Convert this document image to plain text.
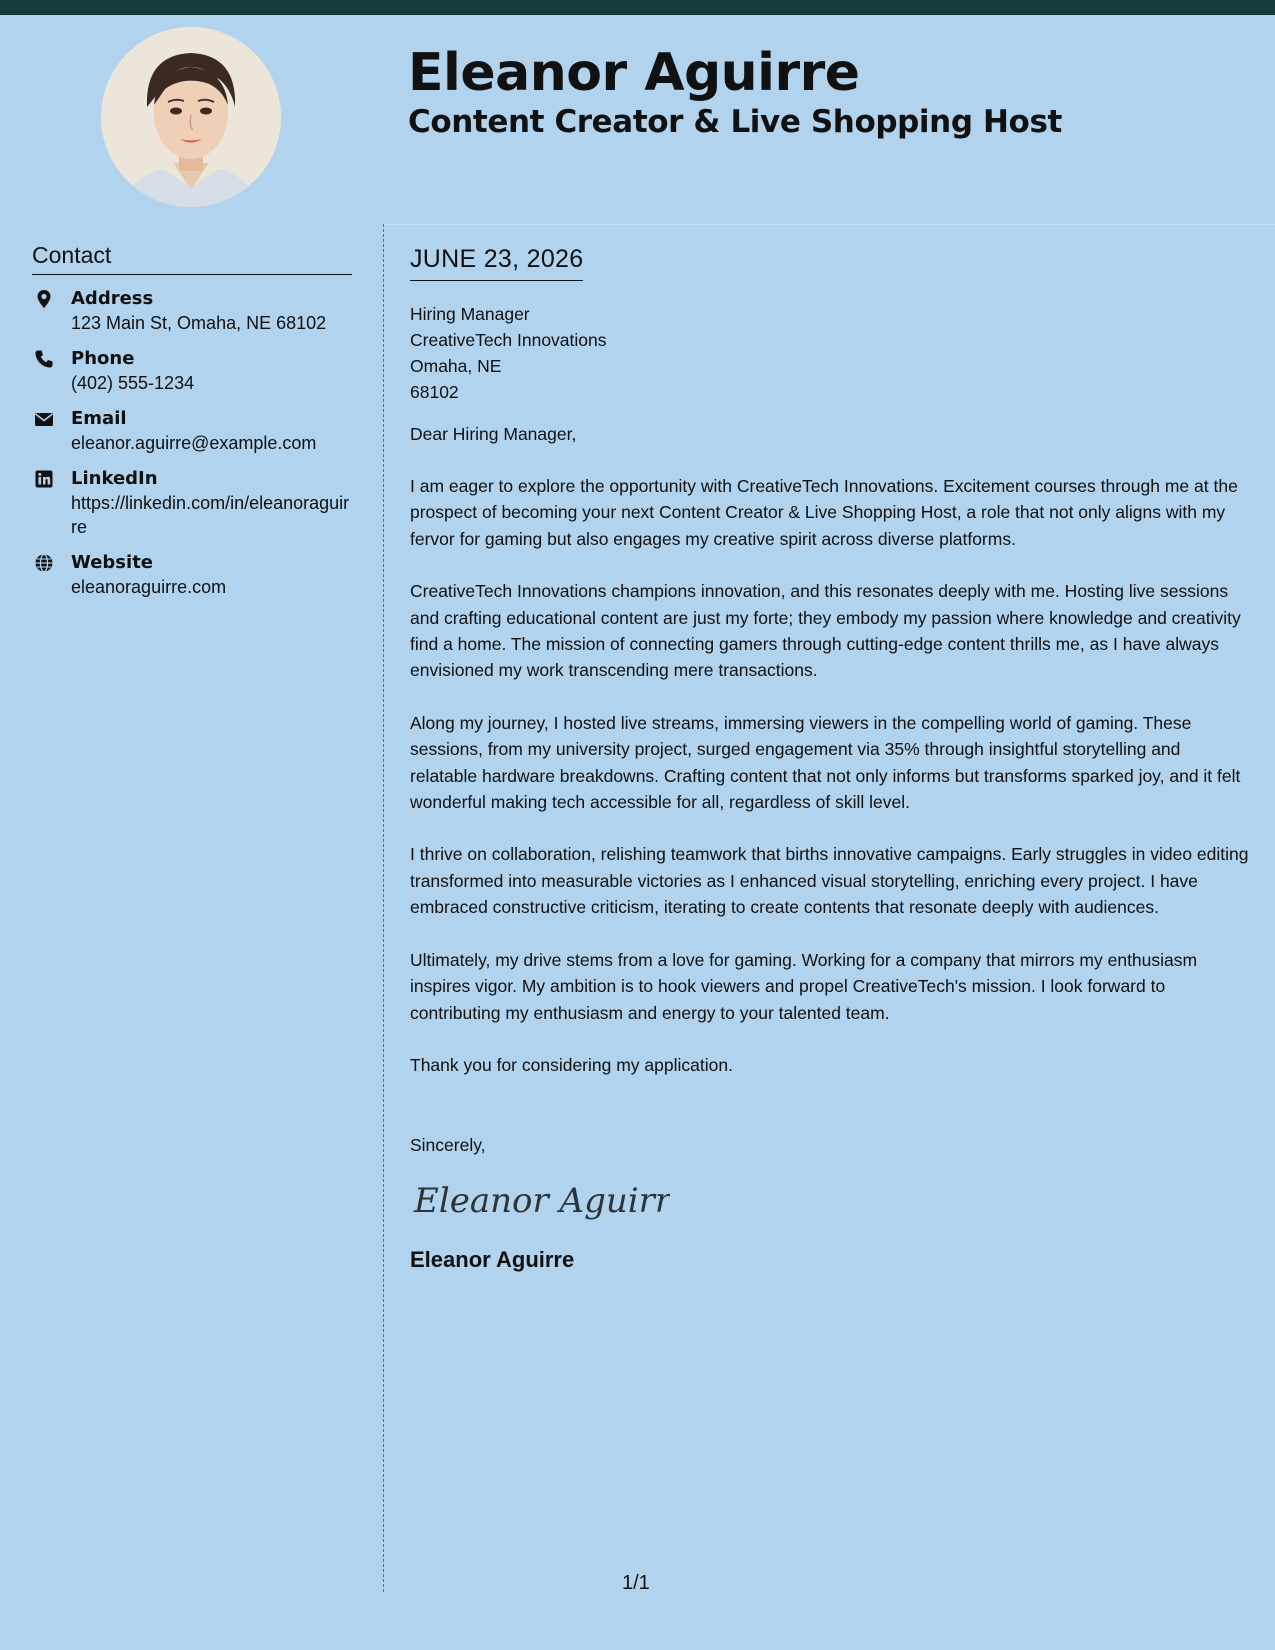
Eleanor Aguirre
Content Creator & Live Shopping Host
Contact
Address
123 Main St, Omaha, NE 68102
Phone
(402) 555-1234
Email
eleanor.aguirre@example.com
LinkedIn
https://linkedin.com/in/eleanoraguirre
Website
eleanoraguirre.com
JUNE 23, 2026
Hiring Manager
CreativeTech Innovations
Omaha, NE
68102
Dear Hiring Manager,

I am eager to explore the opportunity with CreativeTech Innovations. Excitement courses through me at the prospect of becoming your next Content Creator & Live Shopping Host, a role that not only aligns with my fervor for gaming but also engages my creative spirit across diverse platforms.

CreativeTech Innovations champions innovation, and this resonates deeply with me. Hosting live sessions and crafting educational content are just my forte; they embody my passion where knowledge and creativity find a home. The mission of connecting gamers through cutting-edge content thrills me, as I have always envisioned my work transcending mere transactions.

Along my journey, I hosted live streams, immersing viewers in the compelling world of gaming. These sessions, from my university project, surged engagement via 35% through insightful storytelling and relatable hardware breakdowns. Crafting content that not only informs but transforms sparked joy, and it felt wonderful making tech accessible for all, regardless of skill level.

I thrive on collaboration, relishing teamwork that births innovative campaigns. Early struggles in video editing transformed into measurable victories as I enhanced visual storytelling, enriching every project. I have embraced constructive criticism, iterating to create contents that resonate deeply with audiences.

Ultimately, my drive stems from a love for gaming. Working for a company that mirrors my enthusiasm inspires vigor. My ambition is to hook viewers and propel CreativeTech's mission. I look forward to contributing my enthusiasm and energy to your talented team.

Thank you for considering my application.
Sincerely,
Eleanor Aguirre
Eleanor Aguirre
1/1
